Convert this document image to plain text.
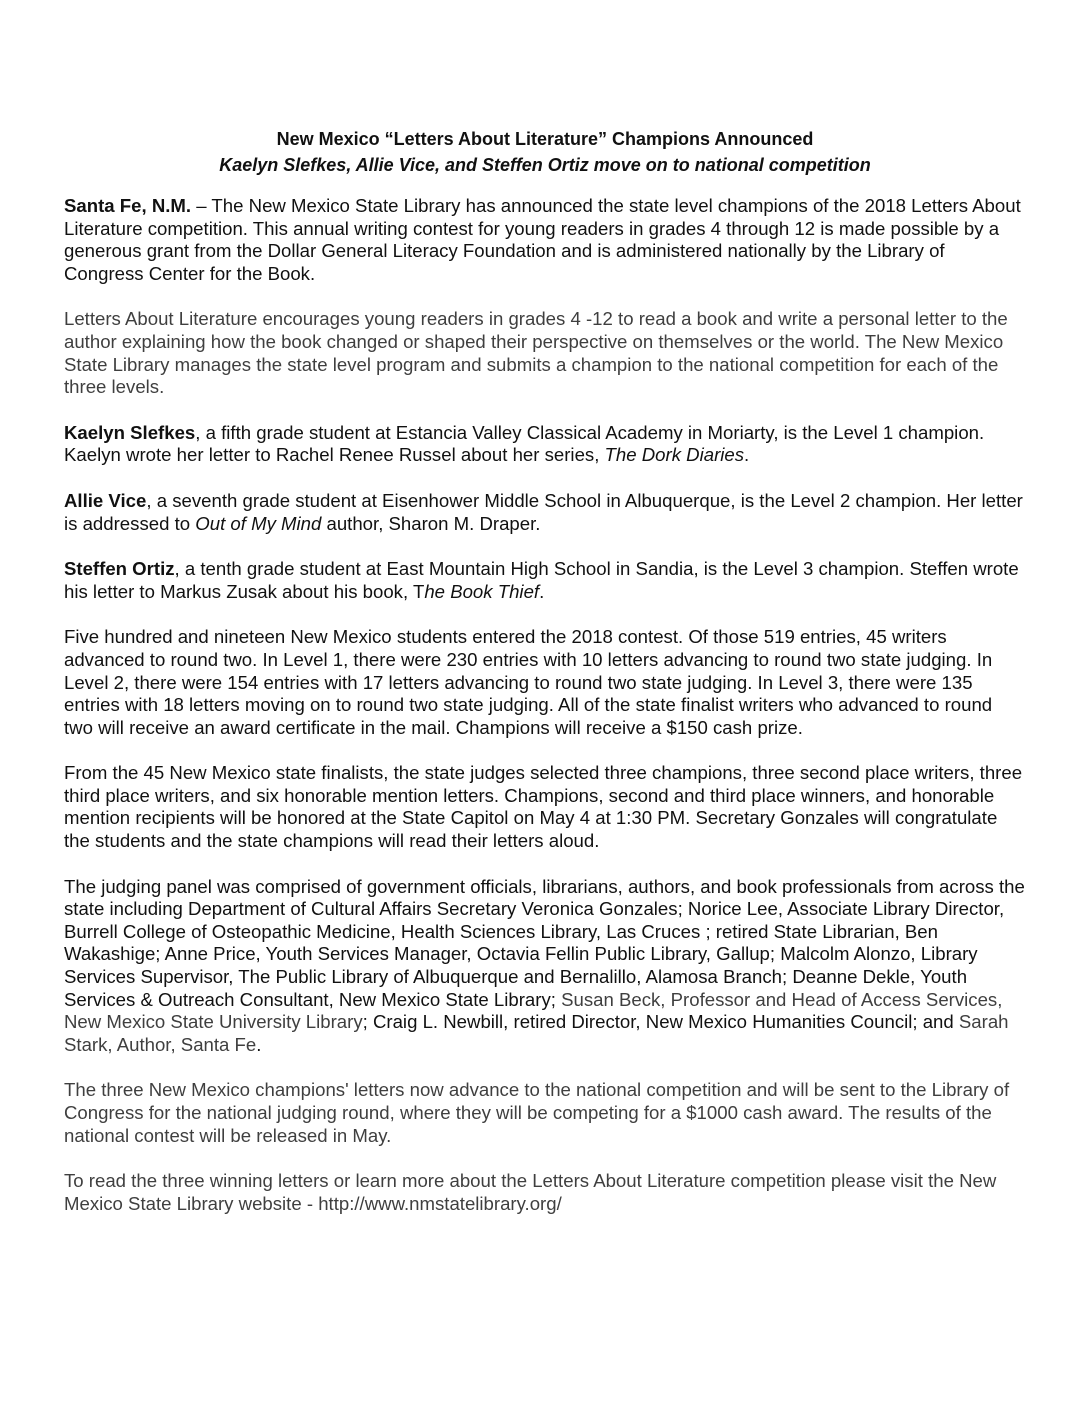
New Mexico “Letters About Literature” Champions Announced
Kaelyn Slefkes, Allie Vice, and Steffen Ortiz move on to national competition

Santa Fe, N.M. – The New Mexico State Library has announced the state level champions of the 2018 Letters About Literature competition. This annual writing contest for young readers in grades 4 through 12 is made possible by a generous grant from the Dollar General Literacy Foundation and is administered nationally by the Library of Congress Center for the Book.

Letters About Literature encourages young readers in grades 4 -12 to read a book and write a personal letter to the author explaining how the book changed or shaped their perspective on themselves or the world. The New Mexico State Library manages the state level program and submits a champion to the national competition for each of the three levels.

Kaelyn Slefkes, a fifth grade student at Estancia Valley Classical Academy in Moriarty, is the Level 1 champion. Kaelyn wrote her letter to Rachel Renee Russel about her series, The Dork Diaries.

Allie Vice, a seventh grade student at Eisenhower Middle School in Albuquerque, is the Level 2 champion. Her letter is addressed to Out of My Mind author, Sharon M. Draper.

Steffen Ortiz, a tenth grade student at East Mountain High School in Sandia, is the Level 3 champion. Steffen wrote his letter to Markus Zusak about his book, The Book Thief.

Five hundred and nineteen New Mexico students entered the 2018 contest. Of those 519 entries, 45 writers advanced to round two. In Level 1, there were 230 entries with 10 letters advancing to round two state judging. In Level 2, there were 154 entries with 17 letters advancing to round two state judging. In Level 3, there were 135 entries with 18 letters moving on to round two state judging. All of the state finalist writers who advanced to round two will receive an award certificate in the mail. Champions will receive a $150 cash prize.

From the 45 New Mexico state finalists, the state judges selected three champions, three second place writers, three third place writers, and six honorable mention letters. Champions, second and third place winners, and honorable mention recipients will be honored at the State Capitol on May 4 at 1:30 PM. Secretary Gonzales will congratulate the students and the state champions will read their letters aloud.

The judging panel was comprised of government officials, librarians, authors, and book professionals from across the state including Department of Cultural Affairs Secretary Veronica Gonzales; Norice Lee, Associate Library Director, Burrell College of Osteopathic Medicine, Health Sciences Library, Las Cruces ; retired State Librarian, Ben Wakashige; Anne Price, Youth Services Manager, Octavia Fellin Public Library, Gallup; Malcolm Alonzo, Library Services Supervisor, The Public Library of Albuquerque and Bernalillo, Alamosa Branch; Deanne Dekle, Youth Services & Outreach Consultant, New Mexico State Library; Susan Beck, Professor and Head of Access Services, New Mexico State University Library; Craig L. Newbill, retired Director, New Mexico Humanities Council; and Sarah Stark, Author, Santa Fe.

The three New Mexico champions' letters now advance to the national competition and will be sent to the Library of Congress for the national judging round, where they will be competing for a $1000 cash award. The results of the national contest will be released in May.

To read the three winning letters or learn more about the Letters About Literature competition please visit the New Mexico State Library website - http://www.nmstatelibrary.org/
